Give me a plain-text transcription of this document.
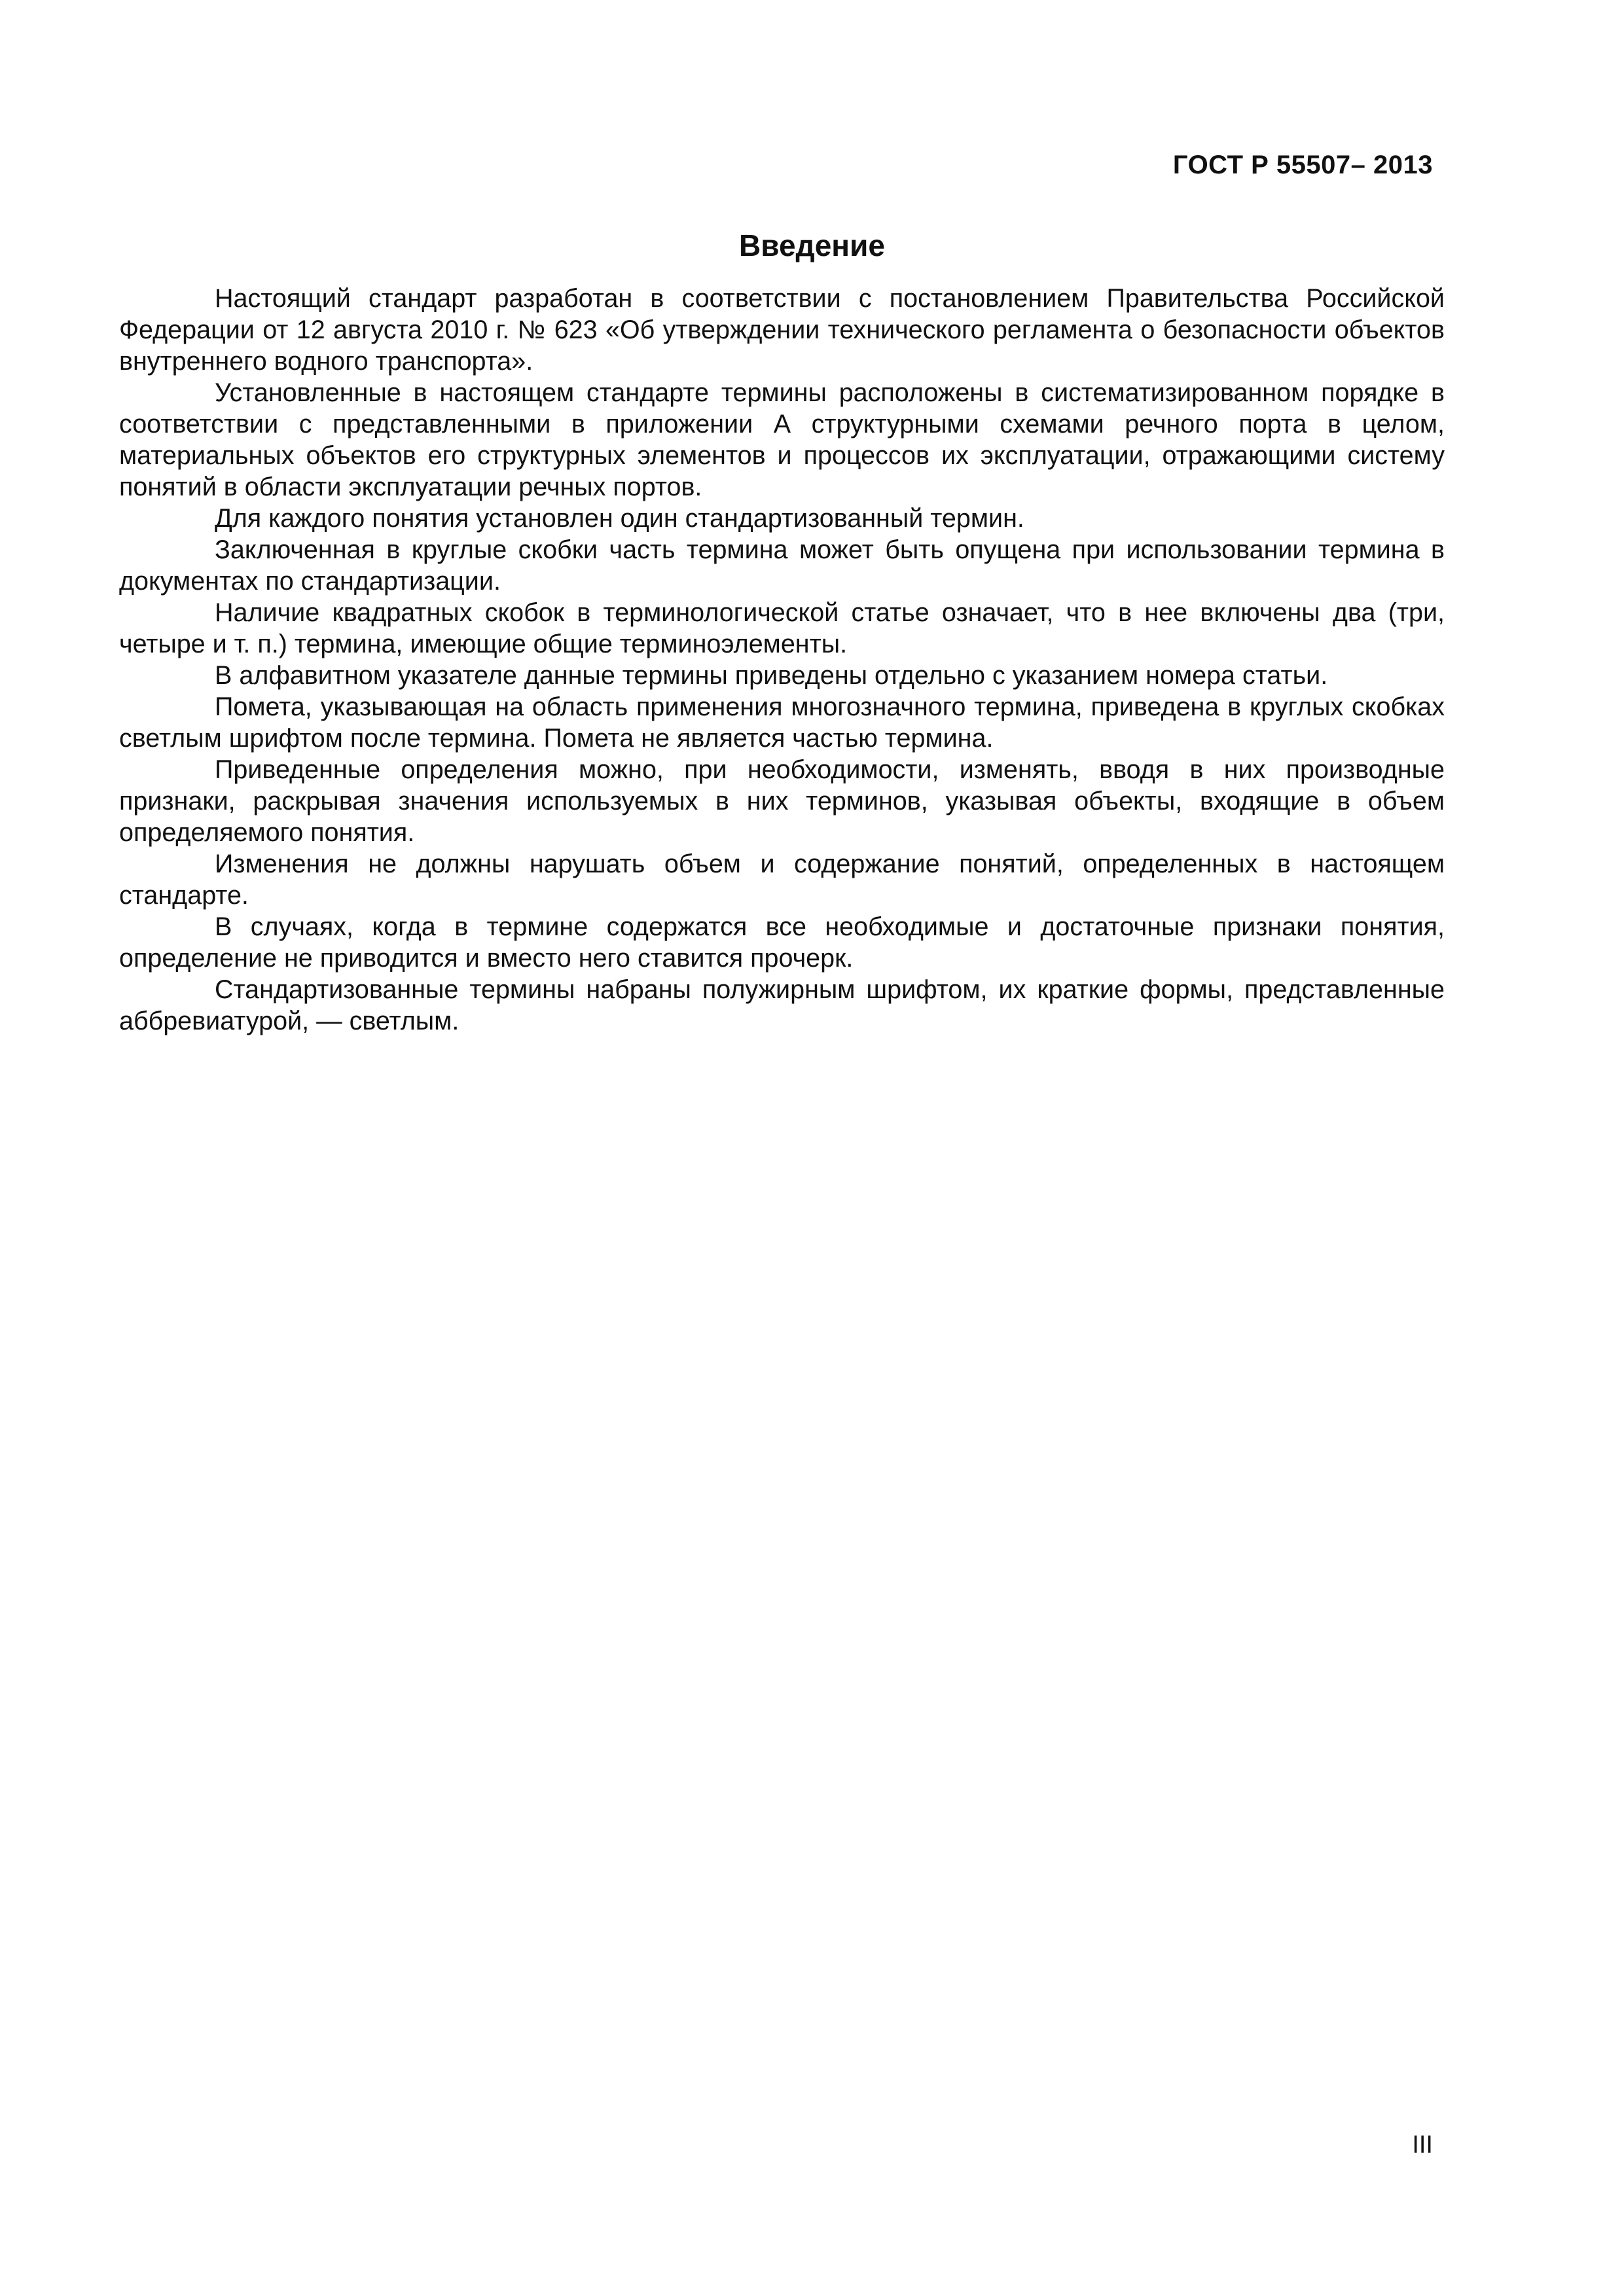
ГОСТ Р 55507– 2013
Введение

Настоящий стандарт разработан в соответствии с постановлением Правительства Российской Федерации от 12 августа 2010 г. № 623 «Об утверждении технического регламента о безопасности объектов внутреннего водного транспорта».

Установленные в настоящем стандарте термины расположены в систематизированном порядке в соответствии с представленными в приложении А структурными схемами речного порта в целом, материальных объектов его структурных элементов и процессов их эксплуатации, отражающими систему понятий в области эксплуатации речных портов.

Для каждого понятия установлен один стандартизованный термин.

Заключенная в круглые скобки часть термина может быть опущена при использовании термина в документах по стандартизации.

Наличие квадратных скобок в терминологической статье означает, что в нее включены два (три, четыре и т. п.) термина, имеющие общие терминоэлементы.

В алфавитном указателе данные термины приведены отдельно с указанием номера статьи.

Помета, указывающая на область применения многозначного термина, приведена в круглых скобках светлым шрифтом после термина. Помета не является частью термина.

Приведенные определения можно, при необходимости, изменять, вводя в них производные признаки, раскрывая значения используемых в них терминов, указывая объекты, входящие в объем определяемого понятия.

Изменения не должны нарушать объем и содержание понятий, определенных в настоящем стандарте.

В случаях, когда в термине содержатся все необходимые и достаточные признаки понятия, определение не приводится и вместо него ставится прочерк.

Стандартизованные термины набраны полужирным шрифтом, их краткие формы, представленные аббревиатурой, — светлым.

III
